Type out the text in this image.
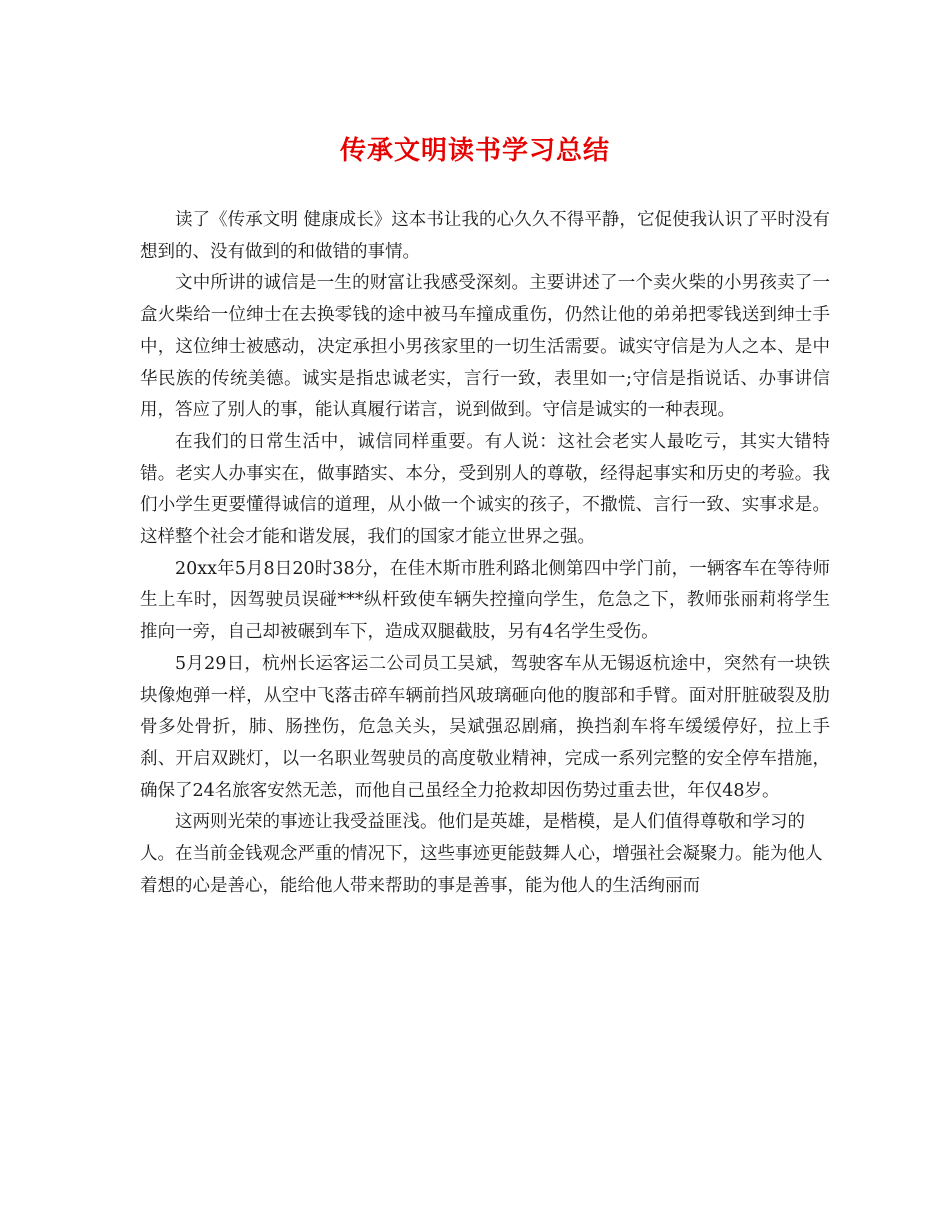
传承文明读书学习总结

读了《传承文明 健康成长》这本书让我的心久久不得平静，它促使我认识了平时没有想到的、没有做到的和做错的事情。

文中所讲的诚信是一生的财富让我感受深刻。主要讲述了一个卖火柴的小男孩卖了一盒火柴给一位绅士在去换零钱的途中被马车撞成重伤，仍然让他的弟弟把零钱送到绅士手中，这位绅士被感动，决定承担小男孩家里的一切生活需要。诚实守信是为人之本、是中华民族的传统美德。诚实是指忠诚老实，言行一致，表里如一;守信是指说话、办事讲信用，答应了别人的事，能认真履行诺言，说到做到。守信是诚实的一种表现。

在我们的日常生活中，诚信同样重要。有人说：这社会老实人最吃亏，其实大错特错。老实人办事实在，做事踏实、本分，受到别人的尊敬，经得起事实和历史的考验。我们小学生更要懂得诚信的道理，从小做一个诚实的孩子，不撒慌、言行一致、实事求是。这样整个社会才能和谐发展，我们的国家才能立世界之强。

20xx年5月8日20时38分，在佳木斯市胜利路北侧第四中学门前，一辆客车在等待师生上车时，因驾驶员误碰***纵杆致使车辆失控撞向学生，危急之下，教师张丽莉将学生推向一旁，自己却被碾到车下，造成双腿截肢，另有4名学生受伤。

5月29日，杭州长运客运二公司员工吴斌，驾驶客车从无锡返杭途中，突然有一块铁块像炮弹一样，从空中飞落击碎车辆前挡风玻璃砸向他的腹部和手臂。面对肝脏破裂及肋骨多处骨折，肺、肠挫伤，危急关头，吴斌强忍剧痛，换挡刹车将车缓缓停好，拉上手刹、开启双跳灯，以一名职业驾驶员的高度敬业精神，完成一系列完整的安全停车措施，确保了24名旅客安然无恙，而他自己虽经全力抢救却因伤势过重去世，年仅48岁。

这两则光荣的事迹让我受益匪浅。他们是英雄，是楷模，是人们值得尊敬和学习的人。在当前金钱观念严重的情况下，这些事迹更能鼓舞人心，增强社会凝聚力。能为他人着想的心是善心，能给他人带来帮助的事是善事，能为他人的生活绚丽而
